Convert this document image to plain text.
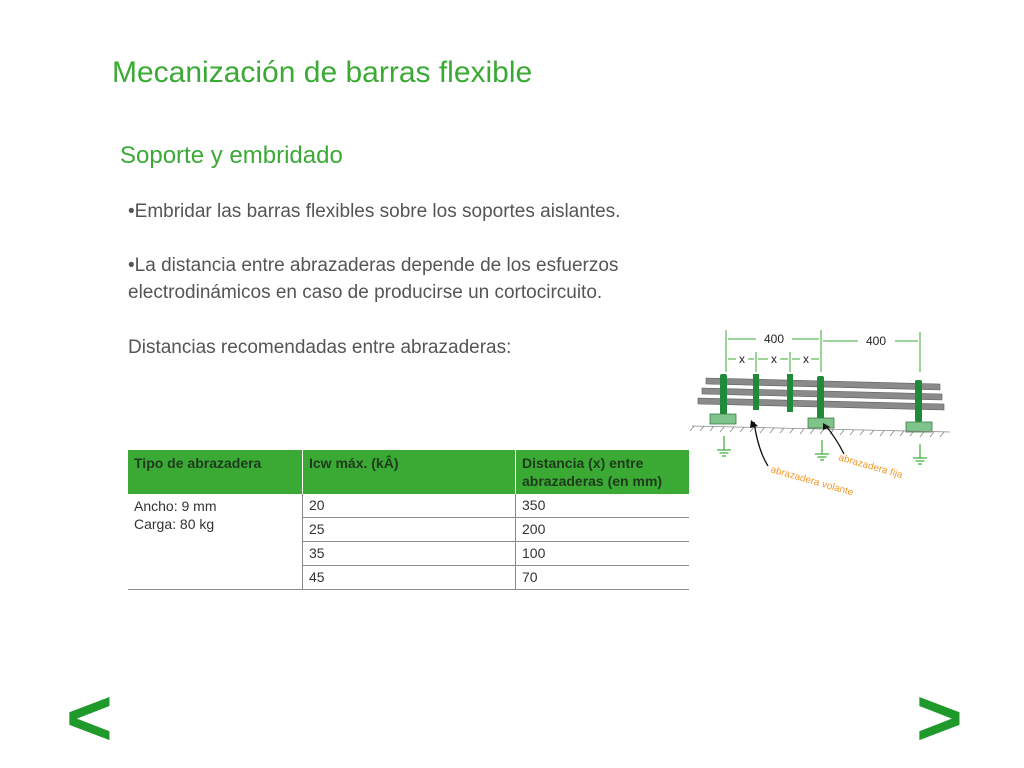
Mecanización de barras flexible
Soporte y embridado

•Embridar las barras flexibles sobre los soportes aislantes.

•La distancia entre abrazaderas depende de los esfuerzos electrodinámicos en caso de producirse un cortocircuito.

Distancias recomendadas entre abrazaderas:

Tipo de abrazadera	Icw máx. (kÂ)	Distancia (x) entre abrazaderas (en mm)

Ancho: 9 mm
Carga: 80 kg	20	350
	25	200
	35	100
	45	70
400	400
x x x
abrazadera fija
abrazadera volante
<	>
